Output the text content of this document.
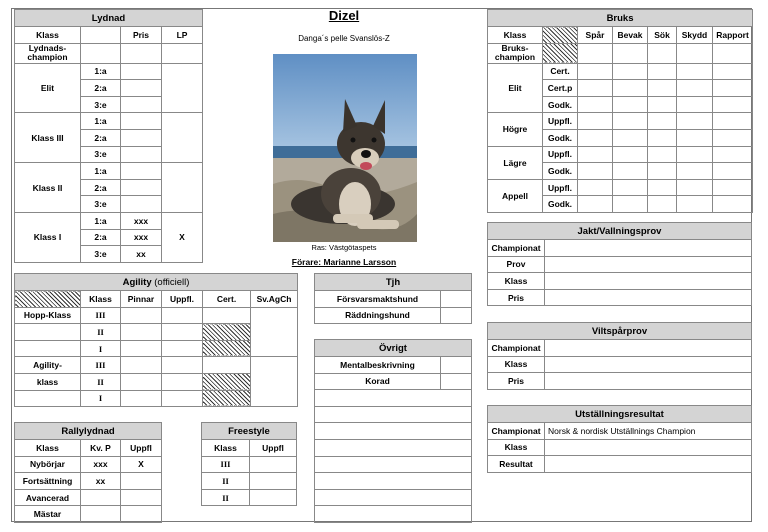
Lydnad			
Klass		Pris	LP
Lydnads-
champion			
Elit	1:a		
	2:a		
	3:e		
Klass III	1:a		
	2:a		
	3:e		
Klass II	1:a		
	2:a		
	3:e		
Klass I	1:a	xxx	X
	2:a	xxx	
	3:e	xx	
Dizel
Danga´s pelle Svanslös-Z
Ras: Västgötaspets
Förare: Marianne Larsson
Bruks						
Klass		Spår	Bevak	Sök	Skydd	Rapport
Bruks-
champion						
Elit	Cert.					
	Cert.p					
	Godk.					
Högre	Uppfl.					
	Godk.					
Lägre	Uppfl.					
	Godk.					
Appell	Uppfl.					
	Godk.					
Jakt/Vallningsprov	
Championat	
Prov	
Klass	
Pris	
Viltspårprov	
Championat	
Klass	
Pris	
Utställningsresultat	
Championat	Norsk & nordisk Utställnings Champion
Klass	
Resultat	
Agility (officiell)					
	Klass	Pinnar	Uppfl.	Cert.	Sv.AgCh
Hopp-Klass	III				
	II				
	I				
Agility-	III				
klass	II				
	I				
Tjh	
Försvarsmaktshund	
Räddningshund	
Övrigt	
Mentalbeskrivning	
Korad	

Rallylydnad		
Klass	Kv. P	Uppfl
Nybörjar	xxx	X
Fortsättning	xx	
Avancerad		
Mästar		
Freestyle	
Klass	Uppfl
III	
II	
II	
